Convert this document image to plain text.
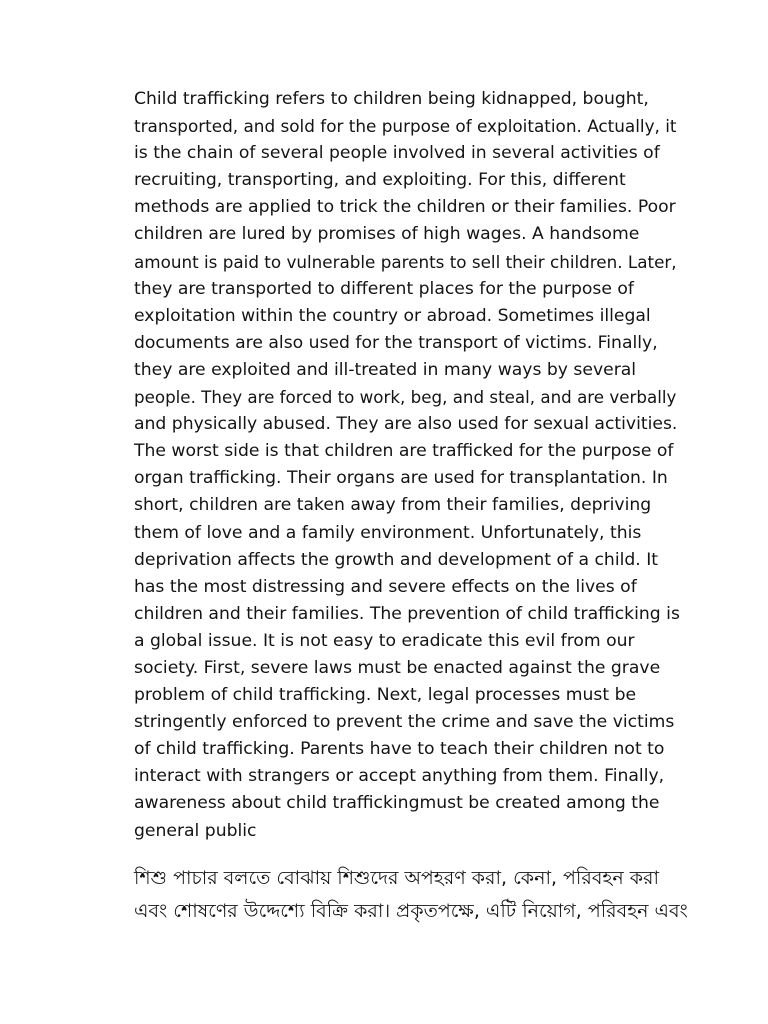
Child trafficking refers to children being kidnapped, bought,
transported, and sold for the purpose of exploitation. Actually, it
is the chain of several people involved in several activities of
recruiting, transporting, and exploiting. For this, different
methods are applied to trick the children or their families. Poor
children are lured by promises of high wages. A handsome
amount is paid to vulnerable parents to sell their children. Later,
they are transported to different places for the purpose of
exploitation within the country or abroad. Sometimes illegal
documents are also used for the transport of victims. Finally,
they are exploited and ill-treated in many ways by several
people. They are forced to work, beg, and steal, and are verbally
and physically abused. They are also used for sexual activities.
The worst side is that children are trafficked for the purpose of
organ trafficking. Their organs are used for transplantation. In
short, children are taken away from their families, depriving
them of love and a family environment. Unfortunately, this
deprivation affects the growth and development of a child. It
has the most distressing and severe effects on the lives of
children and their families. The prevention of child trafficking is
a global issue. It is not easy to eradicate this evil from our
society. First, severe laws must be enacted against the grave
problem of child trafficking. Next, legal processes must be
stringently enforced to prevent the crime and save the victims
of child trafficking. Parents have to teach their children not to
interact with strangers or accept anything from them. Finally,
awareness about child traffickingmust be created among the
general public
শিশু পাচার বলতে বোঝায় শিশুদের অপহরণ করা, কেনা, পরিবহন করা
এবং শোষণের উদ্দেশ্যে বিক্রি করা। প্রকৃতপক্ষে, এটি নিয়োগ, পরিবহন এবং
